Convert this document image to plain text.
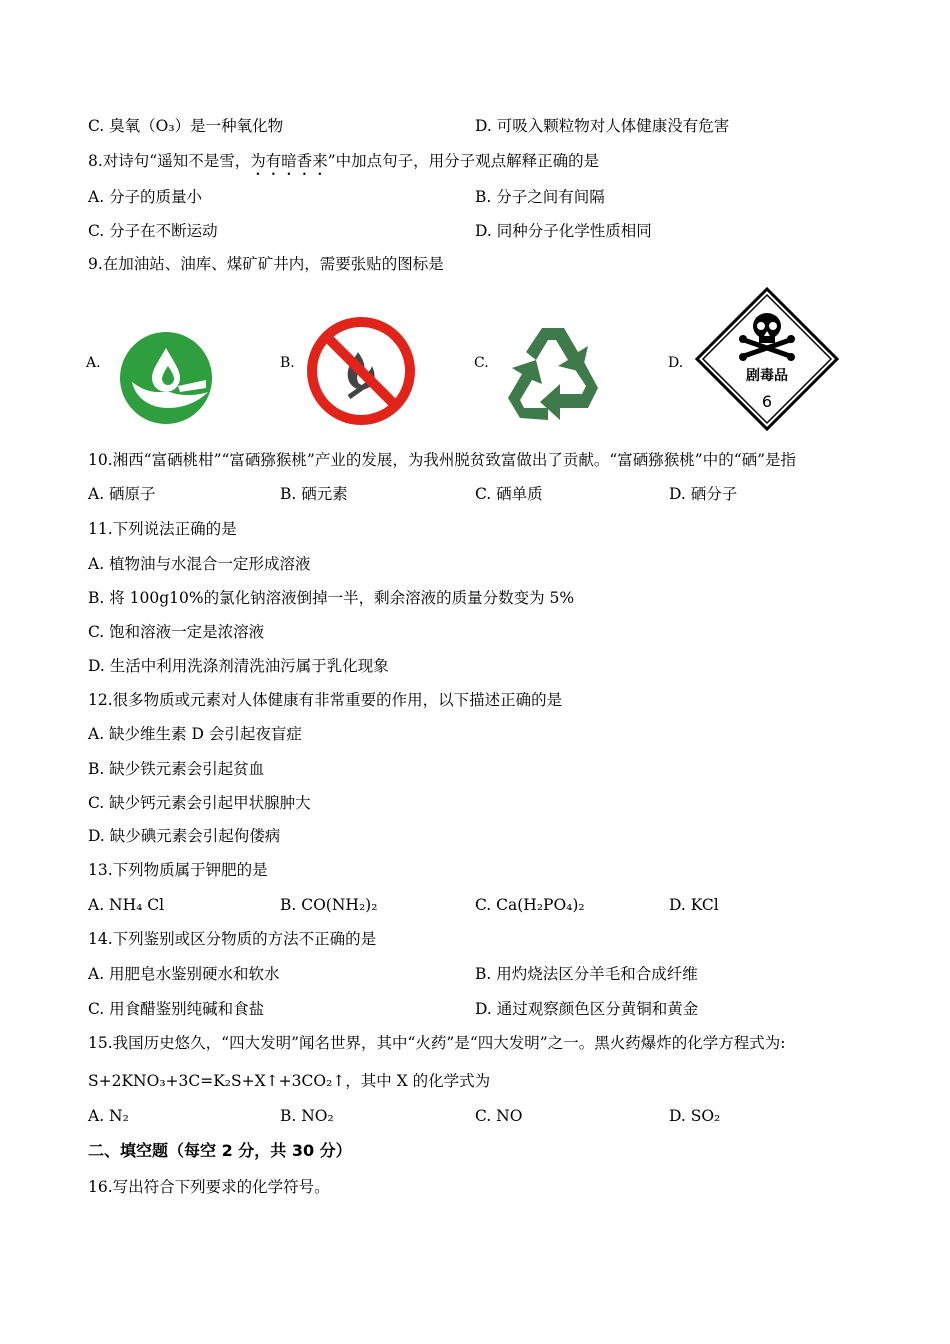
C. 臭氧（O₃）是一种氧化物	D. 可吸入颗粒物对人体健康没有危害
8.对诗句“遥知不是雪，为有暗香来”中加点句子，用分子观点解释正确的是
A. 分子的质量小	B. 分子之间有间隔
C. 分子在不断运动	D. 同种分子化学性质相同
9.在加油站、油库、煤矿矿井内，需要张贴的图标是
A.	B.	C.	D.
剧毒品
6
10.湘西“富硒桃柑”“富硒猕猴桃”产业的发展，为我州脱贫致富做出了贡献。“富硒猕猴桃”中的“硒”是指
A. 硒原子	B. 硒元素	C. 硒单质	D. 硒分子
11.下列说法正确的是
A. 植物油与水混合一定形成溶液
B. 将 100g10%的氯化钠溶液倒掉一半，剩余溶液的质量分数变为 5%
C. 饱和溶液一定是浓溶液
D. 生活中利用洗涤剂清洗油污属于乳化现象
12.很多物质或元素对人体健康有非常重要的作用，以下描述正确的是
A. 缺少维生素 D 会引起夜盲症
B. 缺少铁元素会引起贫血
C. 缺少钙元素会引起甲状腺肿大
D. 缺少碘元素会引起佝偻病
13.下列物质属于钾肥的是
A. NH₄ Cl	B. CO(NH₂)₂	C. Ca(H₂PO₄)₂	D. KCl
14.下列鉴别或区分物质的方法不正确的是
A. 用肥皂水鉴别硬水和软水	B. 用灼烧法区分羊毛和合成纤维
C. 用食醋鉴别纯碱和食盐	D. 通过观察颜色区分黄铜和黄金
15.我国历史悠久，“四大发明”闻名世界，其中“火药”是“四大发明”之一。黑火药爆炸的化学方程式为:
S+2KNO₃+3C=K₂S+X↑+3CO₂↑，其中 X 的化学式为
A. N₂	B. NO₂	C. NO	D. SO₂
二、填空题（每空 2 分，共 30 分）
16.写出符合下列要求的化学符号。
